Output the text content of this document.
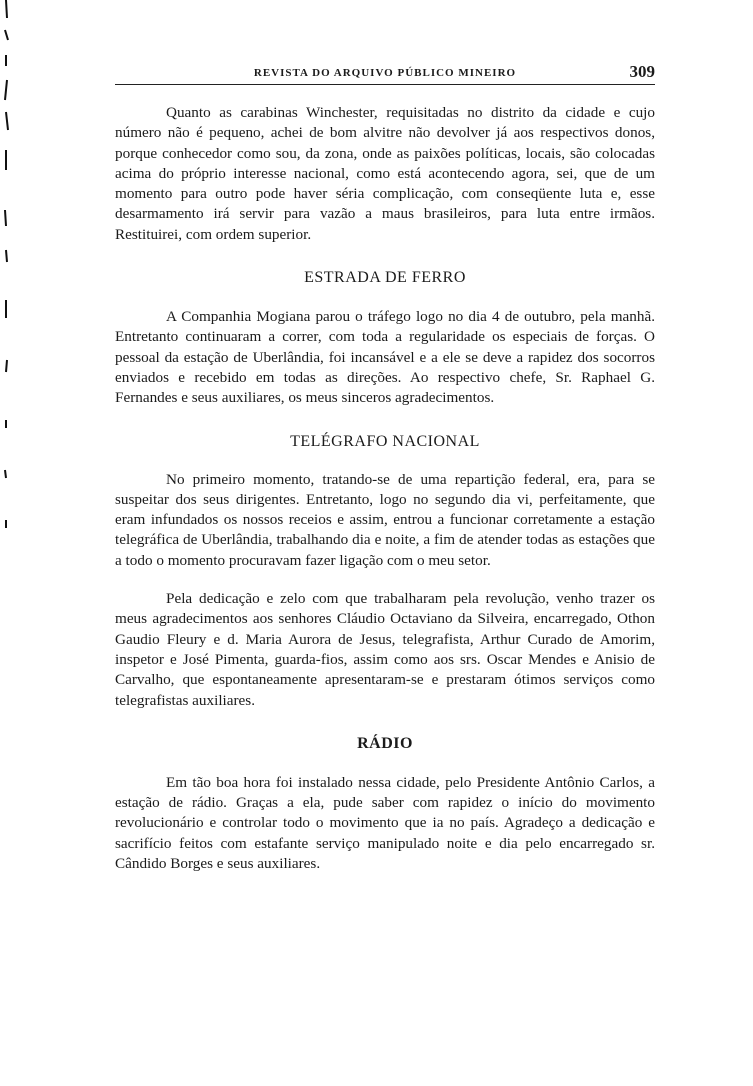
REVISTA DO ARQUIVO PÚBLICO MINEIRO	309

Quanto as carabinas Winchester, requisitadas no distrito da cidade e cujo número não é pequeno, achei de bom alvitre não devolver já aos respectivos donos, porque conhecedor como sou, da zona, onde as paixões políticas, locais, são colocadas acima do próprio interesse nacional, como está acontecendo agora, sei, que de um momento para outro pode haver séria complicação, com conseqüente luta e, esse desarmamento irá servir para vazão a maus brasileiros, para luta entre irmãos. Restituirei, com ordem superior.

ESTRADA DE FERRO

A Companhia Mogiana parou o tráfego logo no dia 4 de outubro, pela manhã. Entretanto continuaram a correr, com toda a regularidade os especiais de forças. O pessoal da estação de Uberlândia, foi incansável e a ele se deve a rapidez dos socorros enviados e recebido em todas as direções. Ao respectivo chefe, Sr. Raphael G. Fernandes e seus auxiliares, os meus sinceros agradecimentos.

TELÉGRAFO NACIONAL

No primeiro momento, tratando-se de uma repartição federal, era, para se suspeitar dos seus dirigentes. Entretanto, logo no segundo dia vi, perfeitamente, que eram infundados os nossos receios e assim, entrou a funcionar corretamente a estação telegráfica de Uberlândia, trabalhando dia e noite, a fim de atender todas as estações que a todo o momento procuravam fazer ligação com o meu setor.

Pela dedicação e zelo com que trabalharam pela revolução, venho trazer os meus agradecimentos aos senhores Cláudio Octaviano da Silveira, encarregado, Othon Gaudio Fleury e d. Maria Aurora de Jesus, telegrafista, Arthur Curado de Amorim, inspetor e José Pimenta, guarda-fios, assim como aos srs. Oscar Mendes e Anisio de Carvalho, que espontaneamente apresentaram-se e prestaram ótimos serviços como telegrafistas auxiliares.

RÁDIO

Em tão boa hora foi instalado nessa cidade, pelo Presidente Antônio Carlos, a estação de rádio. Graças a ela, pude saber com rapidez o início do movimento revolucionário e controlar todo o movimento que ia no país. Agradeço a dedicação e sacrifício feitos com estafante serviço manipulado noite e dia pelo encarregado sr. Cândido Borges e seus auxiliares.
